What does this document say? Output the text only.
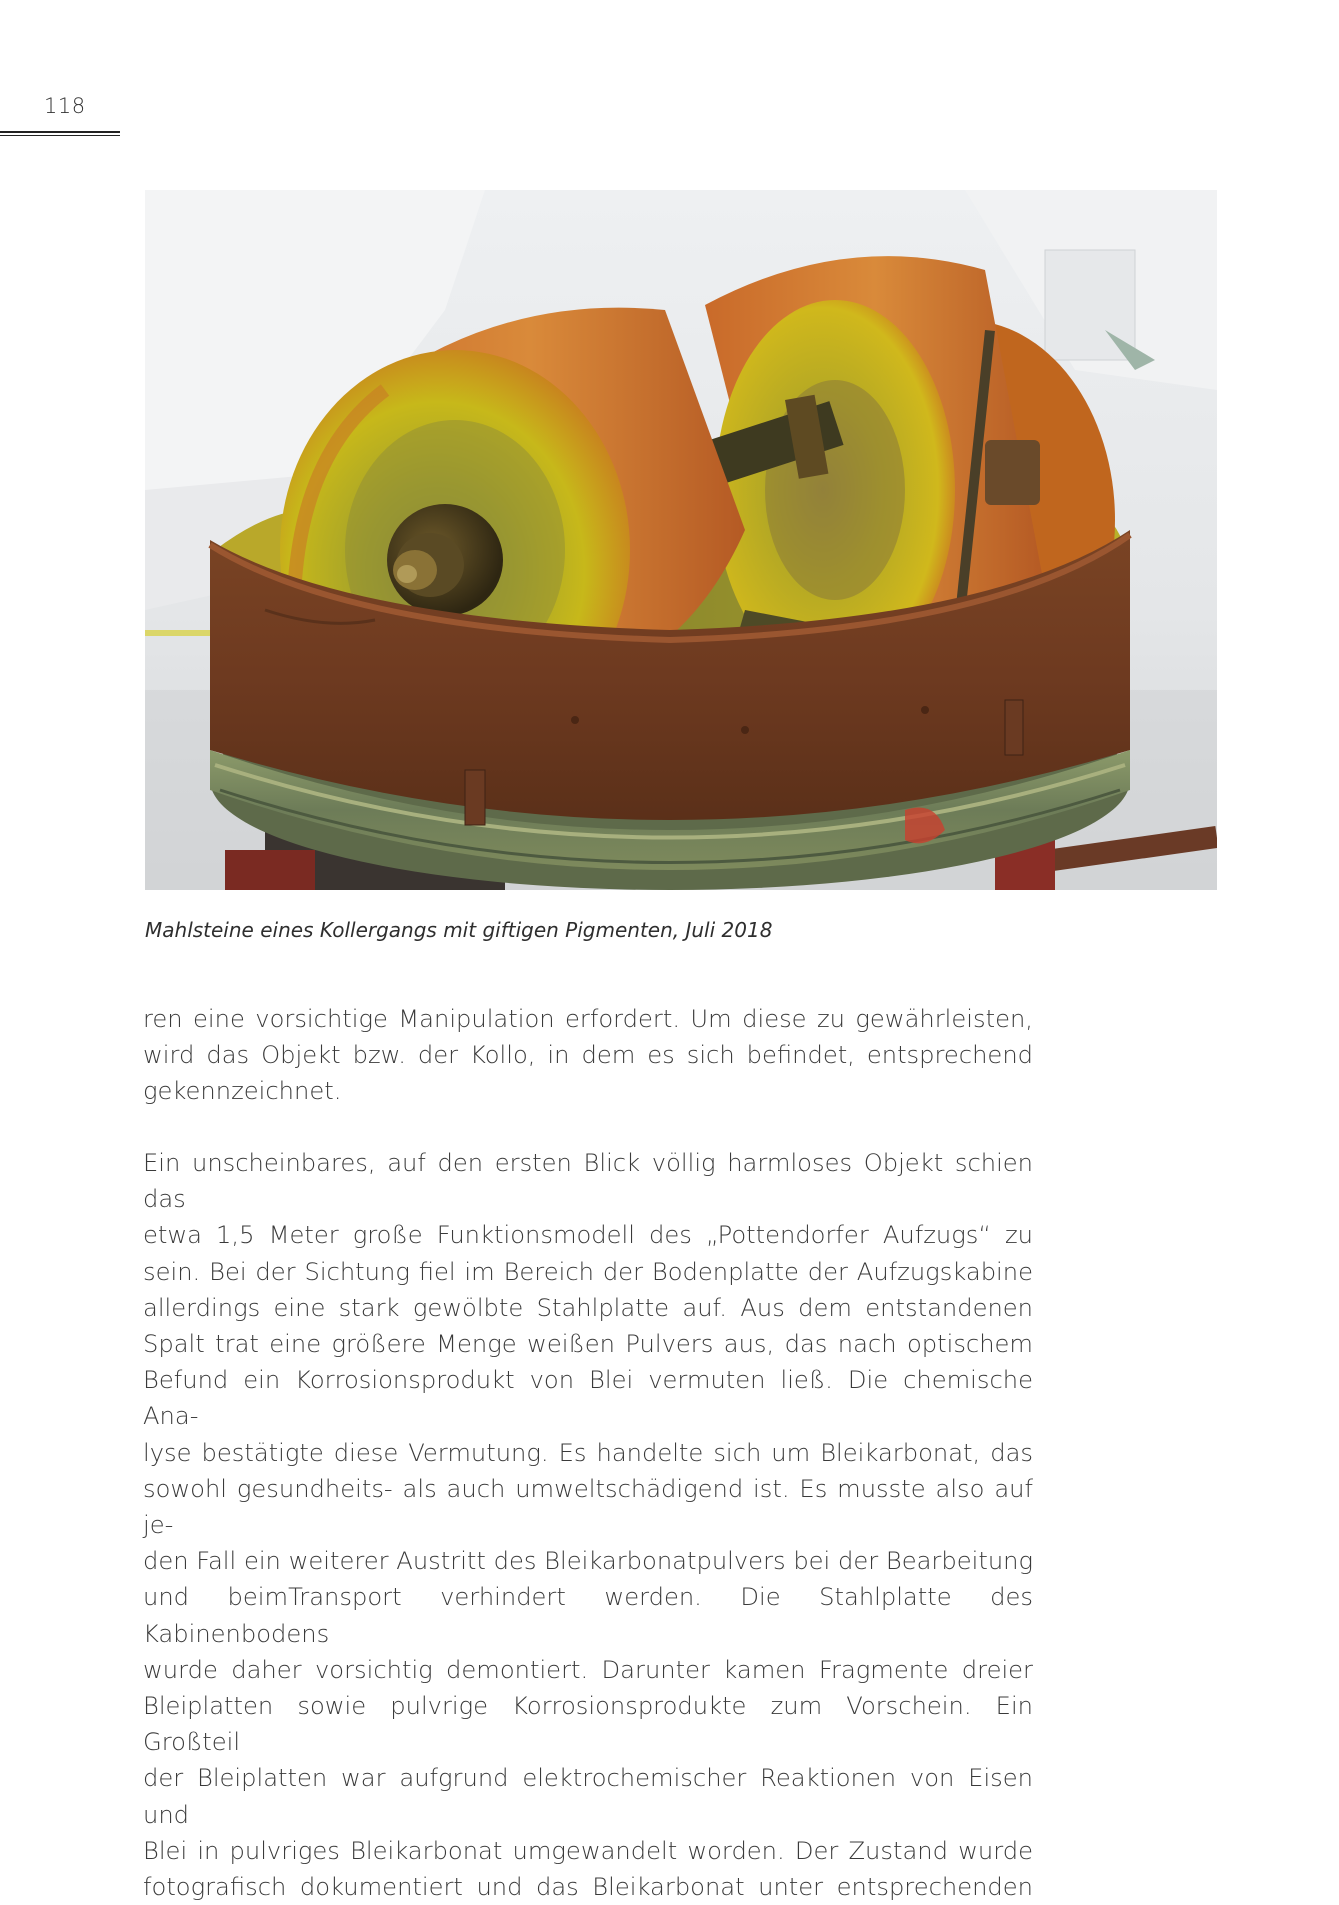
118
Mahlsteine eines Kollergangs mit giftigen Pigmenten, Juli 2018
ren eine vorsichtige Manipulation erfordert. Um diese zu gewährleisten,
wird das Objekt bzw. der Kollo, in dem es sich befindet, entsprechend
gekennzeichnet.
Ein unscheinbares, auf den ersten Blick völlig harmloses Objekt schien das
etwa 1,5 Meter große Funktionsmodell des „Pottendorfer Aufzugs“ zu
sein. Bei der Sichtung fiel im Bereich der Bodenplatte der Aufzugskabine
allerdings eine stark gewölbte Stahlplatte auf. Aus dem entstandenen
Spalt trat eine größere Menge weißen Pulvers aus, das nach optischem
Befund ein Korrosionsprodukt von Blei vermuten ließ. Die chemische Ana-
lyse bestätigte diese Vermutung. Es handelte sich um Bleikarbonat, das
sowohl gesundheits- als auch umweltschädigend ist. Es musste also auf je-
den Fall ein weiterer Austritt des Bleikarbonatpulvers bei der Bearbeitung
und beimTransport verhindert werden. Die Stahlplatte des Kabinenbodens
wurde daher vorsichtig demontiert. Darunter kamen Fragmente dreier
Bleiplatten sowie pulvrige Korrosionsprodukte zum Vorschein. Ein Großteil
der Bleiplatten war aufgrund elektrochemischer Reaktionen von Eisen und
Blei in pulvriges Bleikarbonat umgewandelt worden. Der Zustand wurde
fotografisch dokumentiert und das Bleikarbonat unter entsprechenden
